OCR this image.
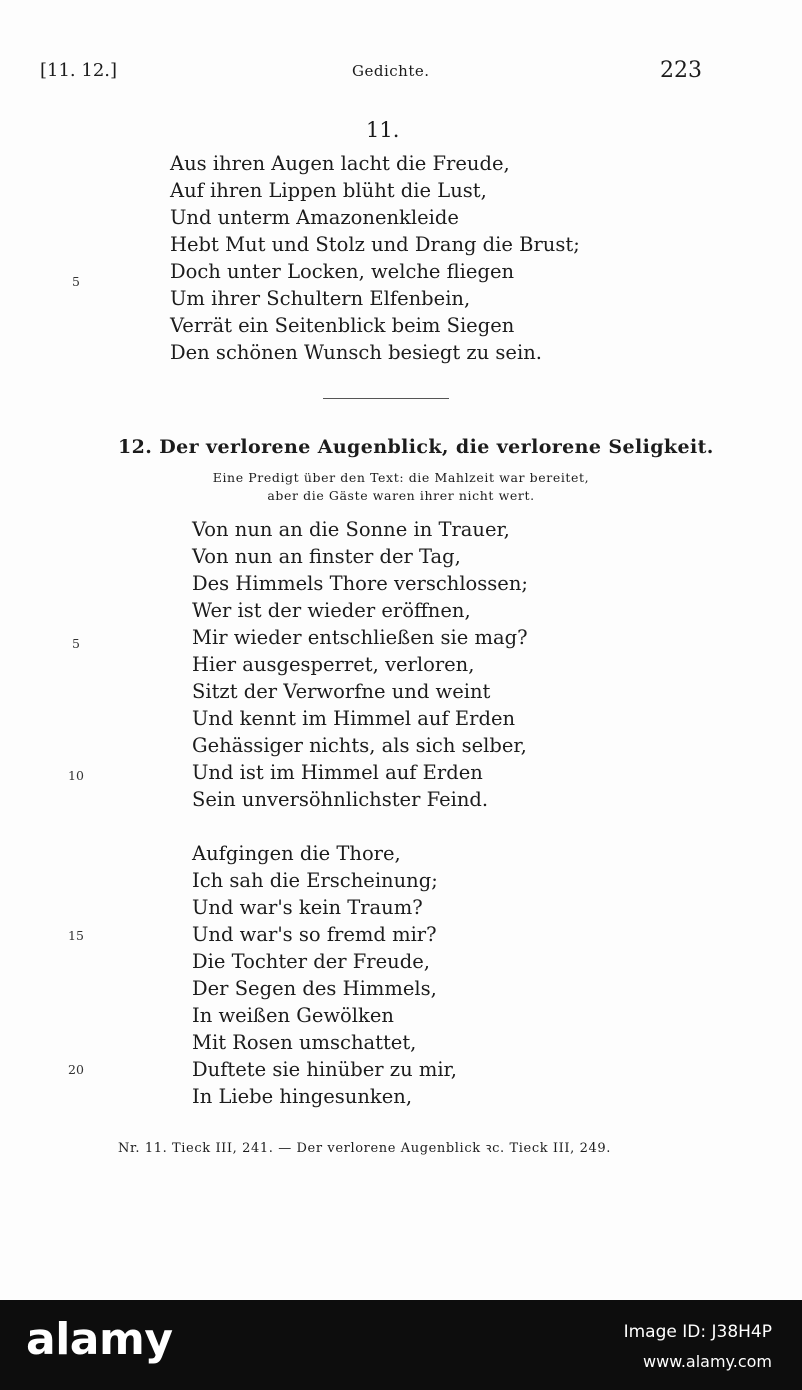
[11. 12.]	Gedichte.	223
11.
Aus ihren Augen lacht die Freude,
Auf ihren Lippen blüht die Lust,
Und unterm Amazonenkleide
Hebt Mut und Stolz und Drang die Brust;
Doch unter Locken, welche fliegen
Um ihrer Schultern Elfenbein,
Verrät ein Seitenblick beim Siegen
Den schönen Wunsch besiegt zu sein.
5
12. Der verlorene Augenblick, die verlorene Seligkeit.
Eine Predigt über den Text: die Mahlzeit war bereitet,
aber die Gäste waren ihrer nicht wert.
Von nun an die Sonne in Trauer,
Von nun an finster der Tag,
Des Himmels Thore verschlossen;
Wer ist der wieder eröffnen,
Mir wieder entschließen sie mag?
Hier ausgesperret, verloren,
Sitzt der Verworfne und weint
Und kennt im Himmel auf Erden
Gehässiger nichts, als sich selber,
Und ist im Himmel auf Erden
Sein unversöhnlichster Feind.
5
10
Aufgingen die Thore,
Ich sah die Erscheinung;
Und war's kein Traum?
Und war's so fremd mir?
Die Tochter der Freude,
Der Segen des Himmels,
In weißen Gewölken
Mit Rosen umschattet,
Duftete sie hinüber zu mir,
In Liebe hingesunken,
15
20
Nr. 11. Tieck III, 241. — Der verlorene Augenblick ꝛc. Tieck III, 249.
alamy	Image ID: J38H4P
www.alamy.com
